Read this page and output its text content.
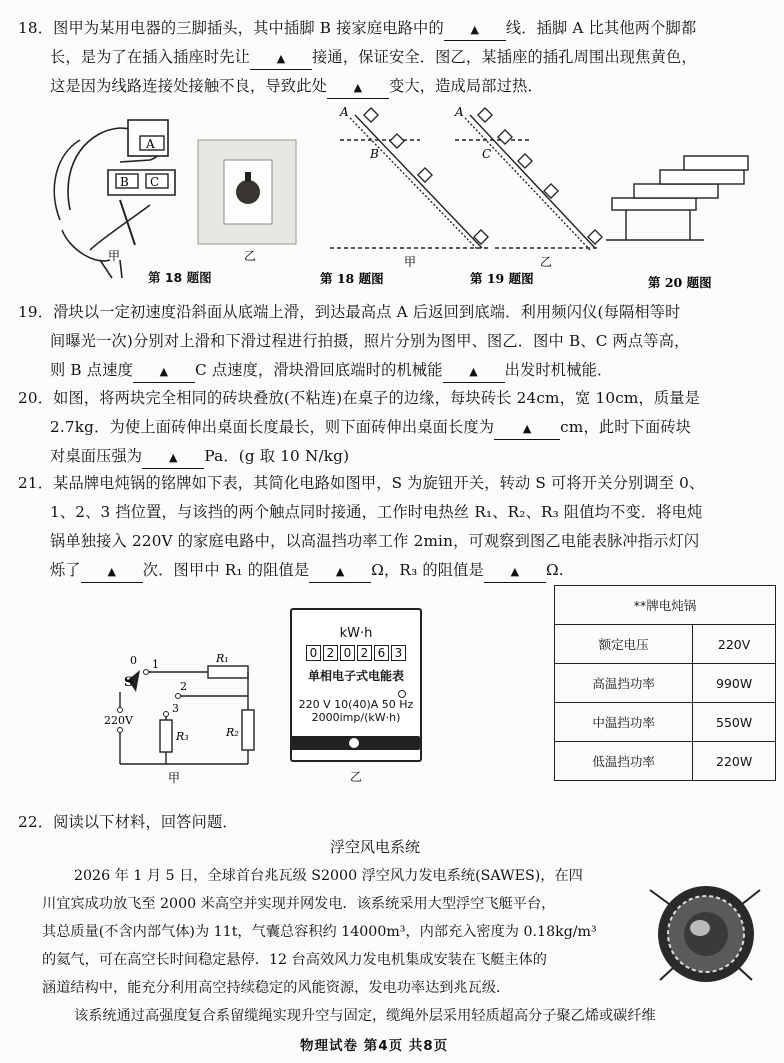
18．图甲为某用电器的三脚插头，其中插脚 B 接家庭电路中的 ▲ 线．插脚 A 比其他两个脚都
长，是为了在插入插座时先让 ▲ 接通，保证安全．图乙，某插座的插孔周围出现焦黄色，
这是因为线路连接处接触不良，导致此处 ▲ 变大，造成局部过热．
A
B C
甲	乙
A
B
甲
A
C
乙
第 18 题图	第 19 题图	第 20 题图
第 18 题图
19．滑块以一定初速度沿斜面从底端上滑，到达最高点 A 后返回到底端．利用频闪仪(每隔相等时
间曝光一次)分别对上滑和下滑过程进行拍摄，照片分别为图甲、图乙．图中 B、C 两点等高，
则 B 点速度 ▲ C 点速度，滑块滑回底端时的机械能 ▲ 出发时机械能．
20．如图，将两块完全相同的砖块叠放(不粘连)在桌子的边缘，每块砖长 24cm，宽 10cm，质量是
2.7kg．为使上面砖伸出桌面长度最长，则下面砖伸出桌面长度为	▲ cm，此时下面砖块
对桌面压强为 ▲ Pa．(g 取 10 N/kg)
21．某品牌电炖锅的铭牌如下表，其简化电路如图甲，S 为旋钮开关，转动 S 可将开关分别调至 0、
1、2、3 挡位置，与该挡的两个触点同时接通，工作时电热丝 R₁、R₂、R₃ 阻值均不变．将电炖
锅单独接入 220V 的家庭电路中，以高温挡功率工作 2min，可观察到图乙电能表脉冲指示灯闪
烁了 ▲ 次．图甲中 R₁ 的阻值是 ▲ Ω，R₃ 的阻值是 ▲ Ω.
0 1
2
3
S
R₁
R₂
R₃
220V
甲
kW·h
0 2 0 2 6 3
单相电子式电能表
220 V 10(40)A 50 Hz
2000imp/(kW·h)
乙
**牌电炖锅	
额定电压	220V
高温挡功率	990W
中温挡功率	550W
低温挡功率	220W
22．阅读以下材料，回答问题．
浮空风电系统
2026 年 1 月 5 日，全球首台兆瓦级 S2000 浮空风力发电系统(SAWES)，在四
川宜宾成功放飞至 2000 米高空并实现并网发电．该系统采用大型浮空飞艇平台，
其总质量(不含内部气体)为 11t，气囊总容积约 14000m³，内部充入密度为 0.18kg/m³
的氦气，可在高空长时间稳定悬停．12 台高效风力发电机集成安装在飞艇主体的
涵道结构中，能充分利用高空持续稳定的风能资源，发电功率达到兆瓦级．
该系统通过高强度复合系留缆绳实现升空与固定，缆绳外层采用轻质超高分子聚乙烯或碳纤维
物理试卷 第4页 共8页
